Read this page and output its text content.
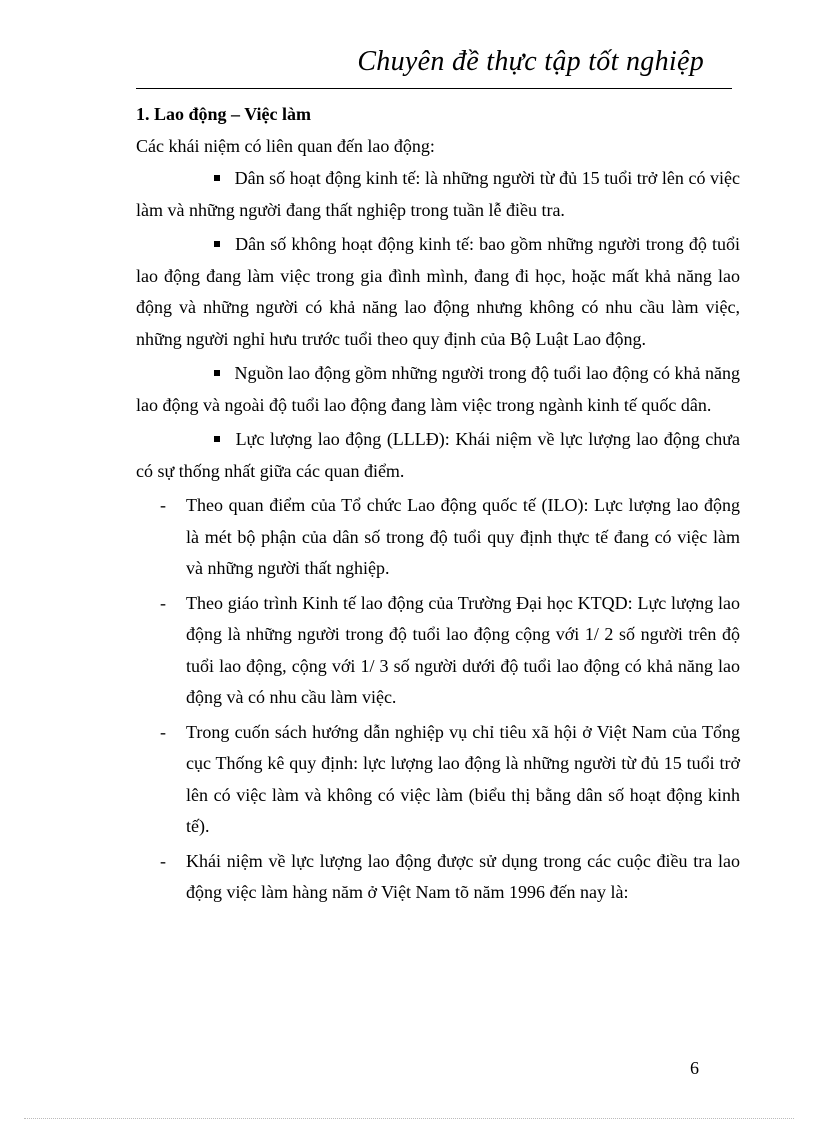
Chuyên đề thực tập tốt nghiệp

1. Lao động – Việc làm

Các khái niệm có liên quan đến lao động:

Dân số hoạt động kinh tế: là những người từ đủ 15 tuổi trở lên có việc làm và những người đang thất nghiệp trong tuần lễ điều tra.
Dân số không hoạt động kinh tế: bao gồm những người trong độ tuổi lao động đang làm việc trong gia đình mình, đang đi học, hoặc mất khả năng lao động và những người có khả năng lao động nhưng không có nhu cầu làm việc, những người nghỉ hưu trước tuổi theo quy định của Bộ Luật Lao động.
Nguồn lao động gồm những người trong độ tuổi lao động có khả năng lao động và ngoài độ tuổi lao động đang làm việc trong ngành kinh tế quốc dân.
Lực lượng lao động (LLLĐ): Khái niệm về lực lượng lao động chưa có sự thống nhất giữa các quan điểm.
-	Theo quan điểm của Tổ chức Lao động quốc tế (ILO): Lực lượng lao động là mét bộ phận của dân số trong độ tuổi quy định thực tế đang có việc làm và những người thất nghiệp.
-	Theo giáo trình Kinh tế lao động của Trường Đại học KTQD: Lực lượng lao động là những người trong độ tuổi lao động cộng với 1/ 2 số người trên độ tuổi lao động, cộng với 1/ 3 số người dưới độ tuổi lao động có khả năng lao động và có nhu cầu làm việc.
-	Trong cuốn sách hướng dẫn nghiệp vụ chỉ tiêu xã hội ở Việt Nam của Tổng cục Thống kê quy định: lực lượng lao động là những người từ đủ 15 tuổi trở lên có việc làm và không có việc làm (biểu thị bằng dân số hoạt động kinh tế).
-	Khái niệm về lực lượng lao động được sử dụng trong các cuộc điều tra lao động việc làm hàng năm ở Việt Nam tõ năm 1996 đến nay là:
6
